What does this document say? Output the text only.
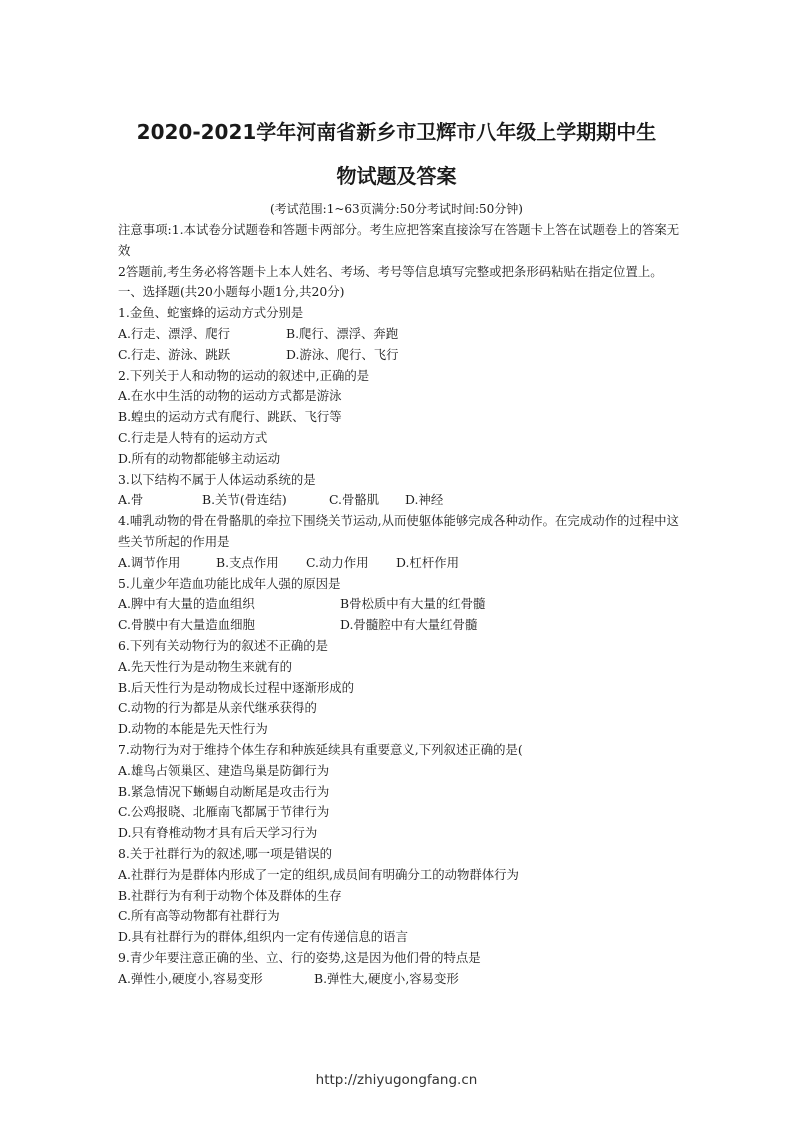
2020-2021学年河南省新乡市卫辉市八年级上学期期中生
物试题及答案
(考试范围:1~63页满分:50分考试时间:50分钟)
注意事项:1.本试卷分试题卷和答题卡两部分。考生应把答案直接涂写在答题卡上答在试题卷上的答案无效
2答题前,考生务必将答题卡上本人姓名、考场、考号等信息填写完整或把条形码粘贴在指定位置上。
一、选择题(共20小题每小题1分,共20分)
1.金鱼、蛇蜜蜂的运动方式分别是
A.行走、漂浮、爬行	B.爬行、漂浮、奔跑
C.行走、游泳、跳跃	D.游泳、爬行、飞行
2.下列关于人和动物的运动的叙述中,正确的是
A.在水中生活的动物的运动方式都是游泳
B.蝗虫的运动方式有爬行、跳跃、飞行等
C.行走是人特有的运动方式
D.所有的动物都能够主动运动
3.以下结构不属于人体运动系统的是
A.骨	B.关节(骨连结)	C.骨骼肌 D.神经
4.哺乳动物的骨在骨骼肌的牵拉下围绕关节运动,从而使躯体能够完成各种动作。在完成动作的过程中这些关节所起的作用是
A.调节作用	B.支点作用 C.动力作用 D.杠杆作用
5.儿童少年造血功能比成年人强的原因是
A.脾中有大量的造血组织	B骨松质中有大量的红骨髓
C.骨膜中有大量造血细胞	D.骨髓腔中有大量红骨髓
6.下列有关动物行为的叙述不正确的是
A.先天性行为是动物生来就有的
B.后天性行为是动物成长过程中逐渐形成的
C.动物的行为都是从亲代继承获得的
D.动物的本能是先天性行为
7.动物行为对于维持个体生存和种族延续具有重要意义,下列叙述正确的是(
A.雄鸟占领巢区、建造鸟巢是防御行为
B.紧急情况下蜥蜴自动断尾是攻击行为
C.公鸡报晓、北雁南飞都属于节律行为
D.只有脊椎动物才具有后天学习行为
8.关于社群行为的叙述,哪一项是错误的
A.社群行为是群体内形成了一定的组织,成员间有明确分工的动物群体行为
B.社群行为有利于动物个体及群体的生存
C.所有高等动物都有社群行为
D.具有社群行为的群体,组织内一定有传递信息的语言
9.青少年要注意正确的坐、立、行的姿势,这是因为他们骨的特点是
A.弹性小,硬度小,容易变形	B.弹性大,硬度小,容易变形
http://zhiyugongfang.cn
